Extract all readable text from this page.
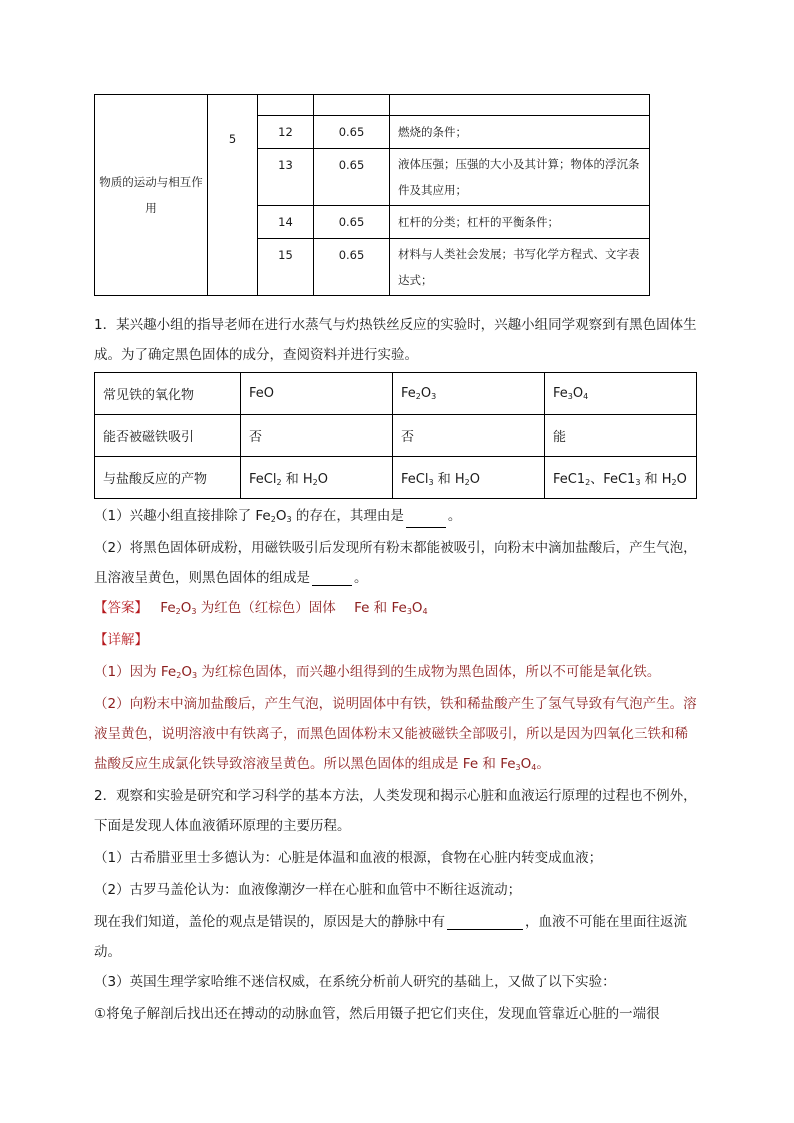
物质的运动与相互作用	5			
		12	0.65	燃烧的条件；
		13	0.65	液体压强；压强的大小及其计算；物体的浮沉条件及其应用；
		14	0.65	杠杆的分类；杠杆的平衡条件；
		15	0.65	材料与人类社会发展；书写化学方程式、文字表达式；

1．某兴趣小组的指导老师在进行水蒸气与灼热铁丝反应的实验时，兴趣小组同学观察到有黑色固体生成。为了确定黑色固体的成分，查阅资料并进行实验。

常见铁的氧化物	FeO	$Fe_2O_3$	$Fe_3O_4$
能否被磁铁吸引	否	否	能
与盐酸反应的产物	FeCl$_2$ 和 $H_2O$	FeCl$_3$ 和 $H_2O$	$FeC1_2$、$FeC1_3$ 和 $H_2O$

（1）兴趣小组直接排除了 $Fe_2O_3$ 的存在，其理由是	。

（2）将黑色固体研成粉，用磁铁吸引后发现所有粉末都能被吸引，向粉末中滴加盐酸后，产生气泡，且溶液呈黄色，则黑色固体的组成是	。

【答案】 $Fe_2O_3$ 为红色（红棕色）固体 Fe 和 $Fe_3O_4$

【详解】

（1）因为 $Fe_2O_3$ 为红棕色固体，而兴趣小组得到的生成物为黑色固体，所以不可能是氧化铁。

（2）向粉末中滴加盐酸后，产生气泡，说明固体中有铁，铁和稀盐酸产生了氢气导致有气泡产生。溶液呈黄色，说明溶液中有铁离子，而黑色固体粉末又能被磁铁全部吸引，所以是因为四氧化三铁和稀盐酸反应生成氯化铁导致溶液呈黄色。所以黑色固体的组成是 Fe 和 $Fe_3O_4$。

2．观察和实验是研究和学习科学的基本方法，人类发现和揭示心脏和血液运行原理的过程也不例外，下面是发现人体血液循环原理的主要历程。

（1）古希腊亚里士多德认为：心脏是体温和血液的根源，食物在心脏内转变成血液；

（2）古罗马盖伦认为：血液像潮汐一样在心脏和血管中不断往返流动；

现在我们知道，盖伦的观点是错误的，原因是大的静脉中有	，血液不可能在里面往返流动。

（3）英国生理学家哈维不迷信权威，在系统分析前人研究的基础上，又做了以下实验：

①将兔子解剖后找出还在搏动的动脉血管，然后用镊子把它们夹住，发现血管靠近心脏的一端很
